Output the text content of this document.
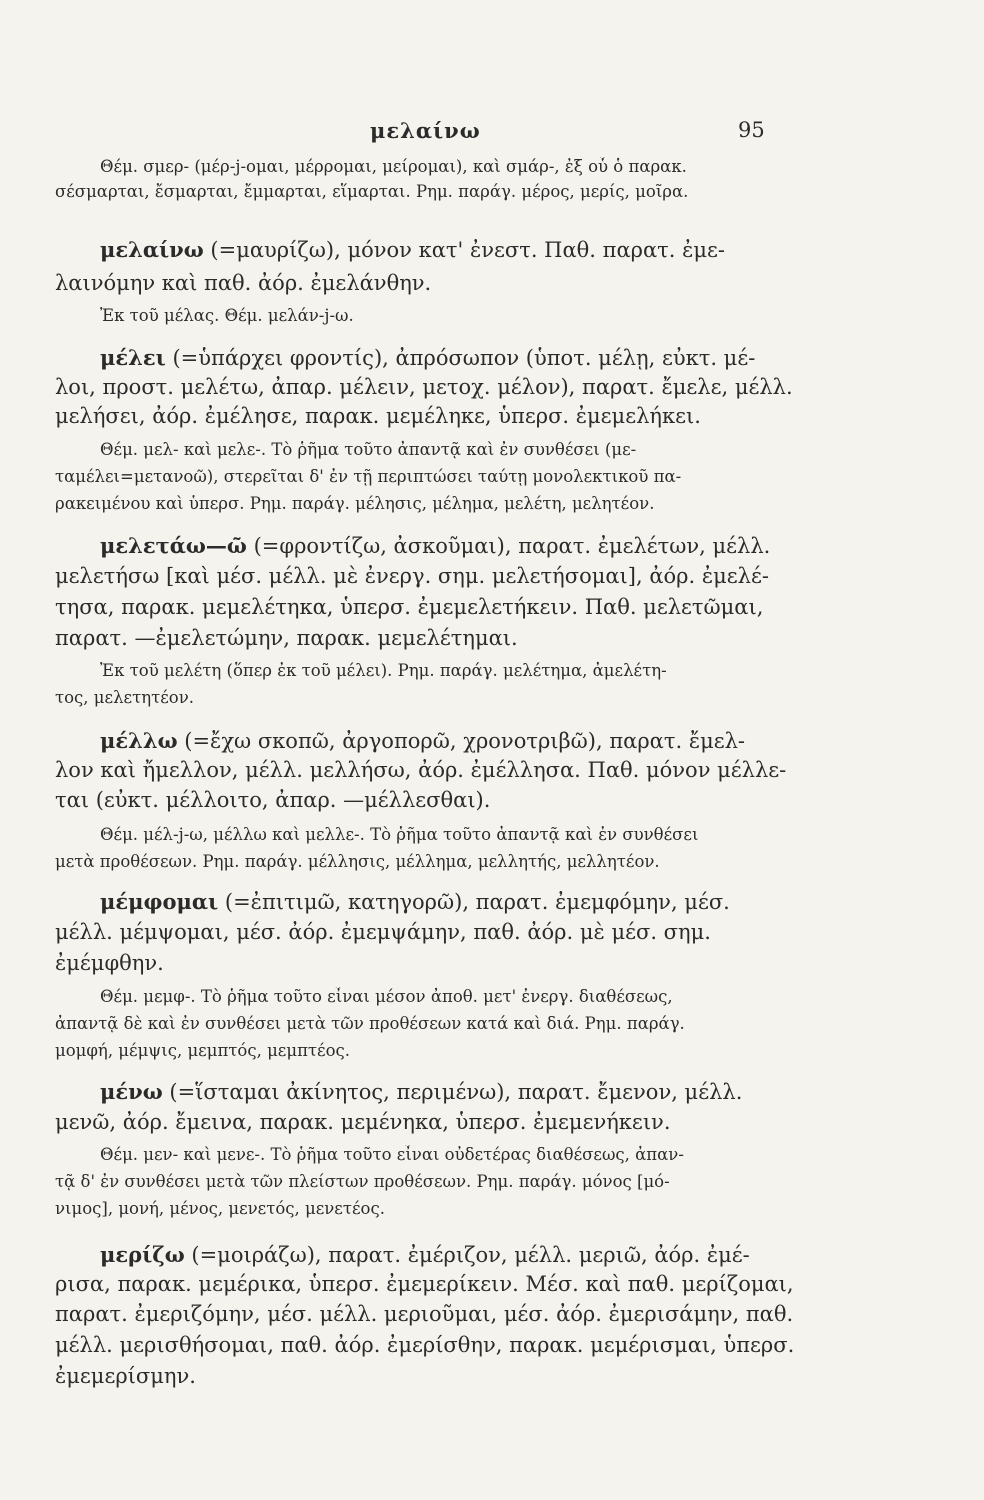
μελαίνω	95
Θέμ. σμερ- (μέρ-j-ομαι, μέρρομαι, μείρομαι), καὶ σμάρ-, ἐξ οὗ ὁ παρακ.
σέσμαρται, ἔσμαρται, ἔμμαρται, εἵμαρται. Ρημ. παράγ. μέρος, μερίς, μοῖρα.
μελαίνω (=μαυρίζω), μόνον κατ' ἐνεστ. Παθ. παρατ. ἐμε-
λαινόμην καὶ παθ. ἀόρ. ἐμελάνθην.
Ἐκ τοῦ μέλας. Θέμ. μελάν-j-ω.
μέλει (=ὑπάρχει φροντίς), ἀπρόσωπον (ὑποτ. μέλῃ, εὐκτ. μέ-
λοι, προστ. μελέτω, ἀπαρ. μέλειν, μετοχ. μέλον), παρατ. ἔμελε, μέλλ.
μελήσει, ἀόρ. ἐμέλησε, παρακ. μεμέληκε, ὑπερσ. ἐμεμελήκει.
Θέμ. μελ- καὶ μελε-. Τὸ ῥῆμα τοῦτο ἀπαντᾷ καὶ ἐν συνθέσει (με-
ταμέλει=μετανοῶ), στερεῖται δ' ἐν τῇ περιπτώσει ταύτῃ μονολεκτικοῦ πα-
ρακειμένου καὶ ὑπερσ. Ρημ. παράγ. μέλησις, μέλημα, μελέτη, μελητέον.
μελετάω—ῶ (=φροντίζω, ἀσκοῦμαι), παρατ. ἐμελέτων, μέλλ.
μελετήσω [καὶ μέσ. μέλλ. μὲ ἐνεργ. σημ. μελετήσομαι], ἀόρ. ἐμελέ-
τησα, παρακ. μεμελέτηκα, ὑπερσ. ἐμεμελετήκειν. Παθ. μελετῶμαι,
παρατ. —ἐμελετώμην, παρακ. μεμελέτημαι.
Ἐκ τοῦ μελέτη (ὅπερ ἐκ τοῦ μέλει). Ρημ. παράγ. μελέτημα, ἀμελέτη-
τος, μελετητέον.
μέλλω (=ἔχω σκοπῶ, ἀργοπορῶ, χρονοτριβῶ), παρατ. ἔμελ-
λον καὶ ἤμελλον, μέλλ. μελλήσω, ἀόρ. ἐμέλλησα. Παθ. μόνον μέλλε-
ται (εὐκτ. μέλλοιτο, ἀπαρ. —μέλλεσθαι).
Θέμ. μέλ-j-ω, μέλλω καὶ μελλε-. Τὸ ῥῆμα τοῦτο ἀπαντᾷ καὶ ἐν συνθέσει
μετὰ προθέσεων. Ρημ. παράγ. μέλλησις, μέλλημα, μελλητής, μελλητέον.
μέμφομαι (=ἐπιτιμῶ, κατηγορῶ), παρατ. ἐμεμφόμην, μέσ.
μέλλ. μέμψομαι, μέσ. ἀόρ. ἐμεμψάμην, παθ. ἀόρ. μὲ μέσ. σημ.
ἐμέμφθην.
Θέμ. μεμφ-. Τὸ ῥῆμα τοῦτο εἶναι μέσον ἀποθ. μετ' ἐνεργ. διαθέσεως,
ἀπαντᾷ δὲ καὶ ἐν συνθέσει μετὰ τῶν προθέσεων κατά καὶ διά. Ρημ. παράγ.
μομφή, μέμψις, μεμπτός, μεμπτέος.
μένω (=ἵσταμαι ἀκίνητος, περιμένω), παρατ. ἔμενον, μέλλ.
μενῶ, ἀόρ. ἔμεινα, παρακ. μεμένηκα, ὑπερσ. ἐμεμενήκειν.
Θέμ. μεν- καὶ μενε-. Τὸ ῥῆμα τοῦτο εἶναι οὐδετέρας διαθέσεως, ἀπαν-
τᾷ δ' ἐν συνθέσει μετὰ τῶν πλείστων προθέσεων. Ρημ. παράγ. μόνος [μό-
νιμος], μονή, μένος, μενετός, μενετέος.
μερίζω (=μοιράζω), παρατ. ἐμέριζον, μέλλ. μεριῶ, ἀόρ. ἐμέ-
ρισα, παρακ. μεμέρικα, ὑπερσ. ἐμεμερίκειν. Μέσ. καὶ παθ. μερίζομαι,
παρατ. ἐμεριζόμην, μέσ. μέλλ. μεριοῦμαι, μέσ. ἀόρ. ἐμερισάμην, παθ.
μέλλ. μερισθήσομαι, παθ. ἀόρ. ἐμερίσθην, παρακ. μεμέρισμαι, ὑπερσ.
ἐμεμερίσμην.
